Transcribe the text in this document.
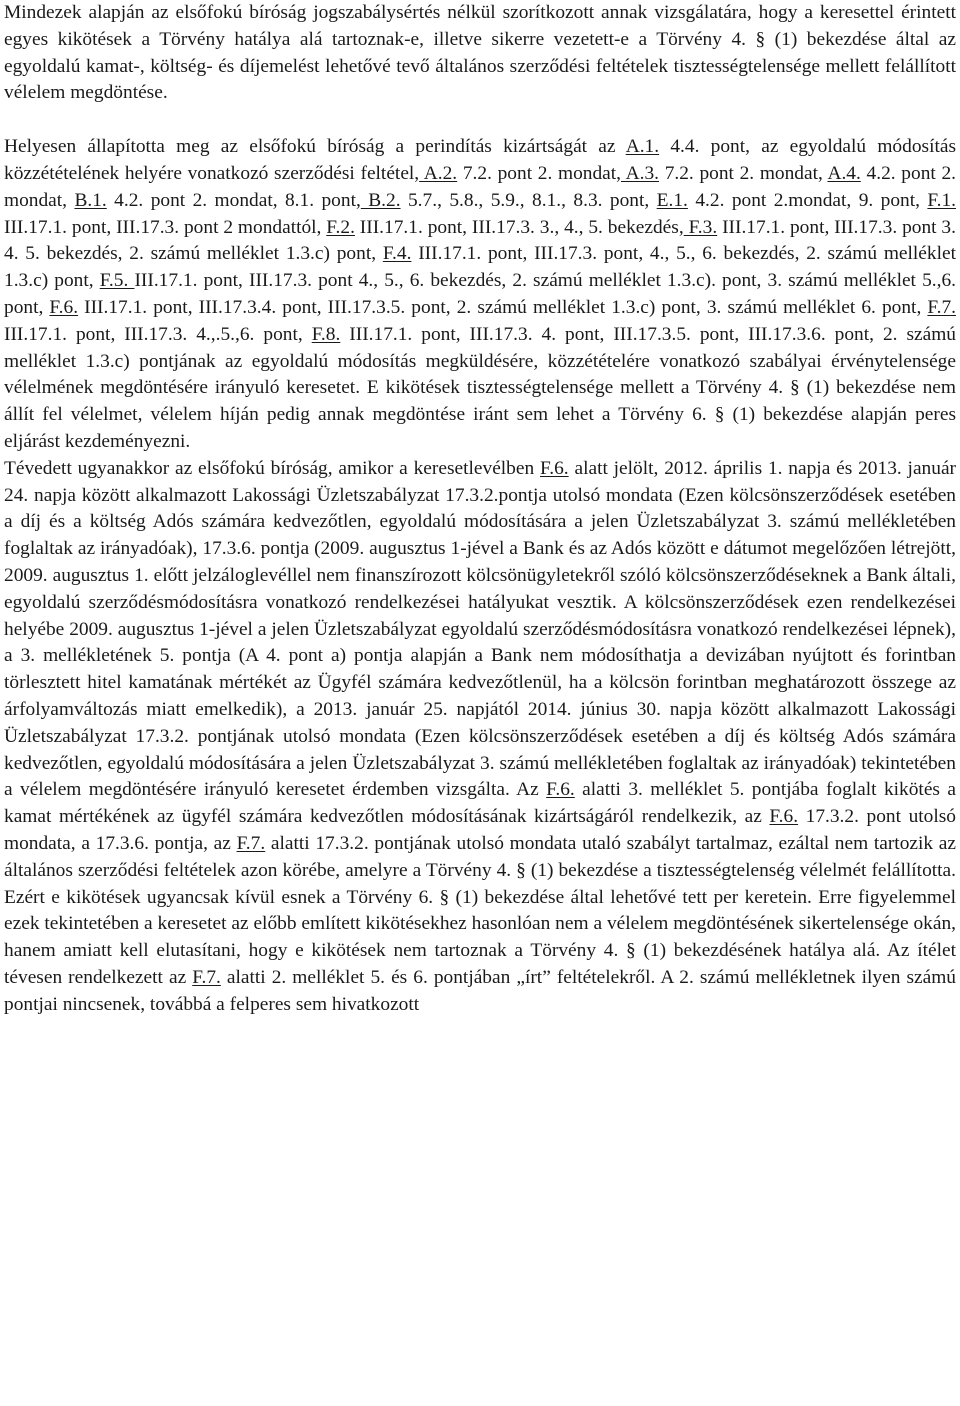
Mindezek alapján az elsőfokú bíróság jogszabálysértés nélkül szorítkozott annak vizsgálatára, hogy a keresettel érintett egyes kikötések a Törvény hatálya alá tartoznak-e, illetve sikerre vezetett-e a Törvény 4. § (1) bekezdése által az egyoldalú kamat-, költség- és díjemelést lehetővé tevő általános szerződési feltételek tisztességtelensége mellett felállított vélelem megdöntése.

Helyesen állapította meg az elsőfokú bíróság a perindítás kizártságát az A.1. 4.4. pont, az egyoldalú módosítás közzétételének helyére vonatkozó szerződési feltétel, A.2. 7.2. pont 2. mondat, A.3. 7.2. pont 2. mondat, A.4. 4.2. pont 2. mondat, B.1. 4.2. pont 2. mondat, 8.1. pont, B.2. 5.7., 5.8., 5.9., 8.1., 8.3. pont, E.1. 4.2. pont 2.mondat, 9. pont, F.1. III.17.1. pont, III.17.3. pont 2 mondattól, F.2. III.17.1. pont, III.17.3. 3., 4., 5. bekezdés, F.3. III.17.1. pont, III.17.3. pont 3. 4. 5. bekezdés, 2. számú melléklet 1.3.c) pont, F.4. III.17.1. pont, III.17.3. pont, 4., 5., 6. bekezdés, 2. számú melléklet 1.3.c) pont, F.5. III.17.1. pont, III.17.3. pont 4., 5., 6. bekezdés, 2. számú melléklet 1.3.c). pont, 3. számú melléklet 5.,6. pont, F.6. III.17.1. pont, III.17.3.4. pont, III.17.3.5. pont, 2. számú melléklet 1.3.c) pont, 3. számú melléklet 6. pont, F.7. III.17.1. pont, III.17.3. 4.,.5.,6. pont, F.8. III.17.1. pont, III.17.3. 4. pont, III.17.3.5. pont, III.17.3.6. pont, 2. számú melléklet 1.3.c) pontjának az egyoldalú módosítás megküldésére, közzétételére vonatkozó szabályai érvénytelensége vélelmének megdöntésére irányuló keresetet. E kikötések tisztességtelensége mellett a Törvény 4. § (1) bekezdése nem állít fel vélelmet, vélelem híján pedig annak megdöntése iránt sem lehet a Törvény 6. § (1) bekezdése alapján peres eljárást kezdeményezni.

Tévedett ugyanakkor az elsőfokú bíróság, amikor a keresetlevélben F.6. alatt jelölt, 2012. április 1. napja és 2013. január 24. napja között alkalmazott Lakossági Üzletszabályzat 17.3.2.pontja utolsó mondata (Ezen kölcsönszerződések esetében a díj és a költség Adós számára kedvezőtlen, egyoldalú módosítására a jelen Üzletszabályzat 3. számú mellékletében foglaltak az irányadóak), 17.3.6. pontja (2009. augusztus 1-jével a Bank és az Adós között e dátumot megelőzően létrejött, 2009. augusztus 1. előtt jelzáloglevéllel nem finanszírozott kölcsönügyletekről szóló kölcsönszerződéseknek a Bank általi, egyoldalú szerződésmódosításra vonatkozó rendelkezései hatályukat vesztik. A kölcsönszerződések ezen rendelkezései helyébe 2009. augusztus 1-jével a jelen Üzletszabályzat egyoldalú szerződésmódosításra vonatkozó rendelkezései lépnek), a 3. mellékletének 5. pontja (A 4. pont a) pontja alapján a Bank nem módosíthatja a devizában nyújtott és forintban törlesztett hitel kamatának mértékét az Ügyfél számára kedvezőtlenül, ha a kölcsön forintban meghatározott összege az árfolyamváltozás miatt emelkedik), a 2013. január 25. napjától 2014. június 30. napja között alkalmazott Lakossági Üzletszabályzat 17.3.2. pontjának utolsó mondata (Ezen kölcsönszerződések esetében a díj és költség Adós számára kedvezőtlen, egyoldalú módosítására a jelen Üzletszabályzat 3. számú mellékletében foglaltak az irányadóak) tekintetében a vélelem megdöntésére irányuló keresetet érdemben vizsgálta. Az F.6. alatti 3. melléklet 5. pontjába foglalt kikötés a kamat mértékének az ügyfél számára kedvezőtlen módosításának kizártságáról rendelkezik, az F.6. 17.3.2. pont utolsó mondata, a 17.3.6. pontja, az F.7. alatti 17.3.2. pontjának utolsó mondata utaló szabályt tartalmaz, ezáltal nem tartozik az általános szerződési feltételek azon körébe, amelyre a Törvény 4. § (1) bekezdése a tisztességtelenség vélelmét felállította. Ezért e kikötések ugyancsak kívül esnek a Törvény 6. § (1) bekezdése által lehetővé tett per keretein. Erre figyelemmel ezek tekintetében a keresetet az előbb említett kikötésekhez hasonlóan nem a vélelem megdöntésének sikertelensége okán, hanem amiatt kell elutasítani, hogy e kikötések nem tartoznak a Törvény 4. § (1) bekezdésének hatálya alá. Az ítélet tévesen rendelkezett az F.7. alatti 2. melléklet 5. és 6. pontjában „írt” feltételekről. A 2. számú mellékletnek ilyen számú pontjai nincsenek, továbbá a felperes sem hivatkozott
